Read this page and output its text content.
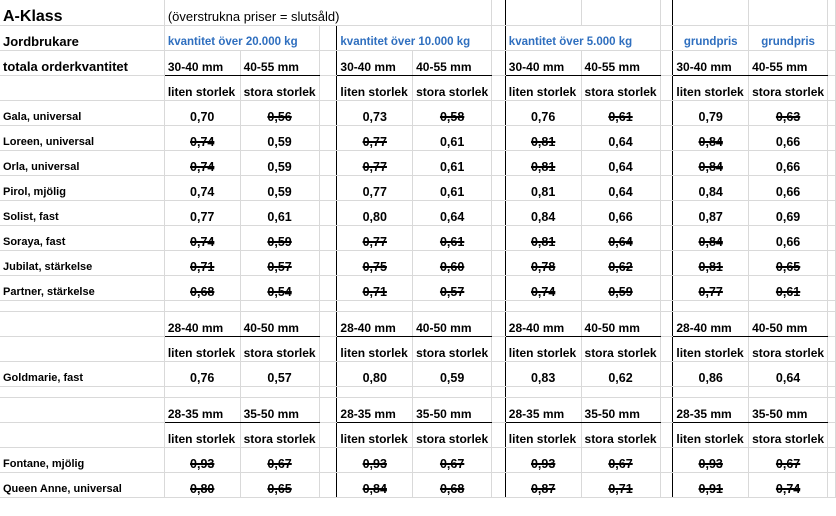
A-Klass	(överstrukna priser = slutsåld)											
Jordbrukare	kvantitet över 20.000 kg			kvantitet över 10.000 kg			kvantitet över 5.000 kg			grundpris	grundpris	
totala orderkvantitet	30-40 mm	40-55 mm		30-40 mm	40-55 mm		30-40 mm	40-55 mm		30-40 mm	40-55 mm	
	liten storlek	stora storlek		liten storlek	stora storlek		liten storlek	stora storlek		liten storlek	stora storlek	
Gala, universal	0,70	0,56		0,73	0,58		0,76	0,61		0,79	0,63	
Loreen, universal	0,74	0,59		0,77	0,61		0,81	0,64		0,84	0,66	
Orla, universal	0,74	0,59		0,77	0,61		0,81	0,64		0,84	0,66	
Pirol, mjölig	0,74	0,59		0,77	0,61		0,81	0,64		0,84	0,66	
Solist, fast	0,77	0,61		0,80	0,64		0,84	0,66		0,87	0,69	
Soraya, fast	0,74	0,59		0,77	0,61		0,81	0,64		0,84	0,66	
Jubilat, stärkelse	0,71	0,57		0,75	0,60		0,78	0,62		0,81	0,65	
Partner, stärkelse	0,68	0,54		0,71	0,57		0,74	0,59		0,77	0,61	

	28-40 mm	40-50 mm		28-40 mm	40-50 mm		28-40 mm	40-50 mm		28-40 mm	40-50 mm	
	liten storlek	stora storlek		liten storlek	stora storlek		liten storlek	stora storlek		liten storlek	stora storlek	
Goldmarie, fast	0,76	0,57		0,80	0,59		0,83	0,62		0,86	0,64	

	28-35 mm	35-50 mm		28-35 mm	35-50 mm		28-35 mm	35-50 mm		28-35 mm	35-50 mm	
	liten storlek	stora storlek		liten storlek	stora storlek		liten storlek	stora storlek		liten storlek	stora storlek	
Fontane, mjölig	0,93	0,67		0,93	0,67		0,93	0,67		0,93	0,67	
Queen Anne, universal	0,80	0,65		0,84	0,68		0,87	0,71		0,91	0,74	
